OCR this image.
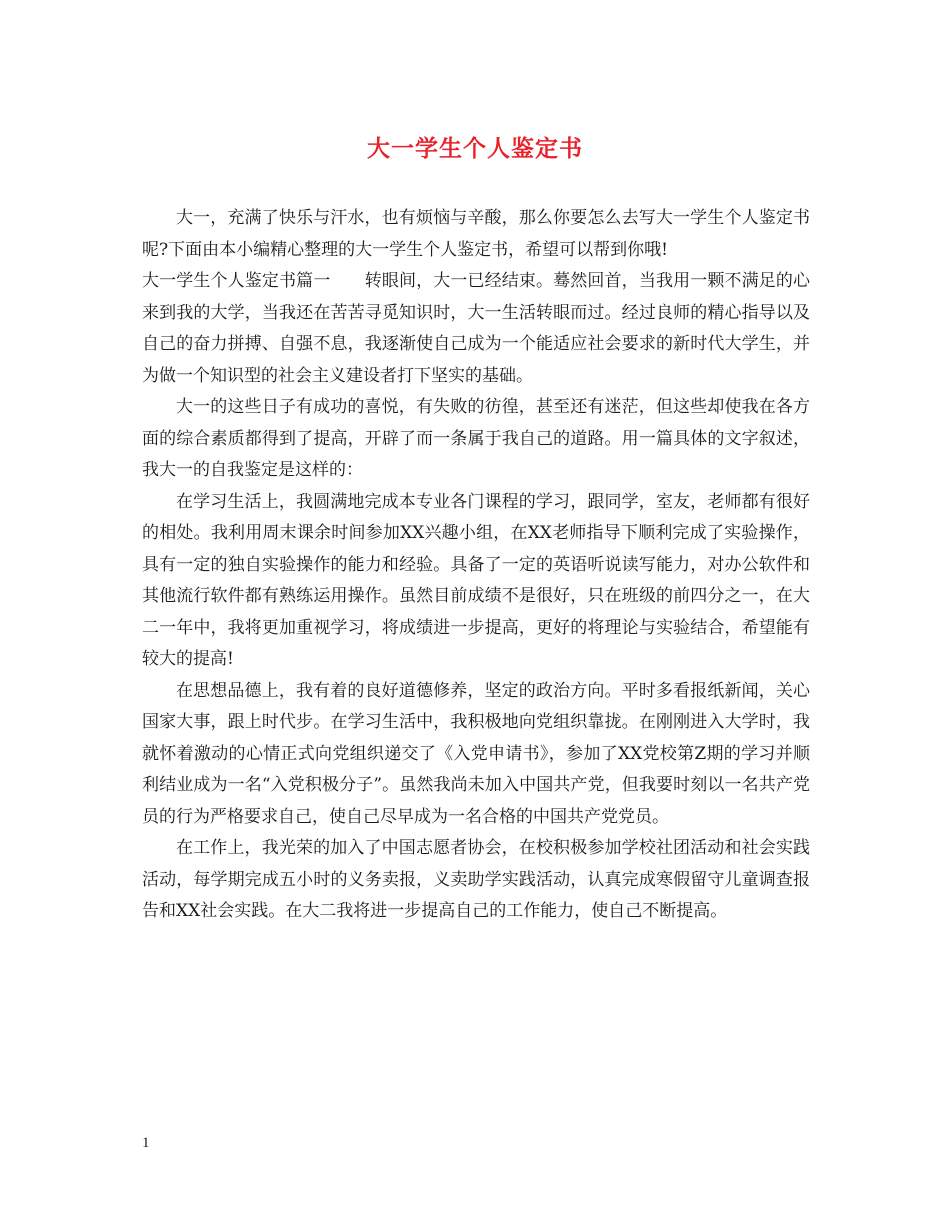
大一学生个人鉴定书

大一，充满了快乐与汗水，也有烦恼与辛酸，那么你要怎么去写大一学生个人鉴定书呢?下面由本小编精心整理的大一学生个人鉴定书，希望可以帮到你哦!

大一学生个人鉴定书篇一　　转眼间，大一已经结束。蓦然回首，当我用一颗不满足的心来到我的大学，当我还在苦苦寻觅知识时，大一生活转眼而过。经过良师的精心指导以及自己的奋力拼搏、自强不息，我逐渐使自己成为一个能适应社会要求的新时代大学生，并为做一个知识型的社会主义建设者打下坚实的基础。

大一的这些日子有成功的喜悦，有失败的彷徨，甚至还有迷茫，但这些却使我在各方面的综合素质都得到了提高，开辟了而一条属于我自己的道路。用一篇具体的文字叙述，我大一的自我鉴定是这样的：

在学习生活上，我圆满地完成本专业各门课程的学习，跟同学，室友，老师都有很好的相处。我利用周末课余时间参加XX兴趣小组，在XX老师指导下顺利完成了实验操作，具有一定的独自实验操作的能力和经验。具备了一定的英语听说读写能力，对办公软件和其他流行软件都有熟练运用操作。虽然目前成绩不是很好，只在班级的前四分之一，在大二一年中，我将更加重视学习，将成绩进一步提高，更好的将理论与实验结合，希望能有较大的提高!

在思想品德上，我有着的良好道德修养，坚定的政治方向。平时多看报纸新闻，关心国家大事，跟上时代步。在学习生活中，我积极地向党组织靠拢。在刚刚进入大学时，我就怀着激动的心情正式向党组织递交了《入党申请书》，参加了XX党校第Z期的学习并顺利结业成为一名“入党积极分子”。虽然我尚未加入中国共产党，但我要时刻以一名共产党员的行为严格要求自己，使自己尽早成为一名合格的中国共产党党员。

在工作上，我光荣的加入了中国志愿者协会，在校积极参加学校社团活动和社会实践活动，每学期完成五小时的义务卖报，义卖助学实践活动，认真完成寒假留守儿童调查报告和XX社会实践。在大二我将进一步提高自己的工作能力，使自己不断提高。

1
